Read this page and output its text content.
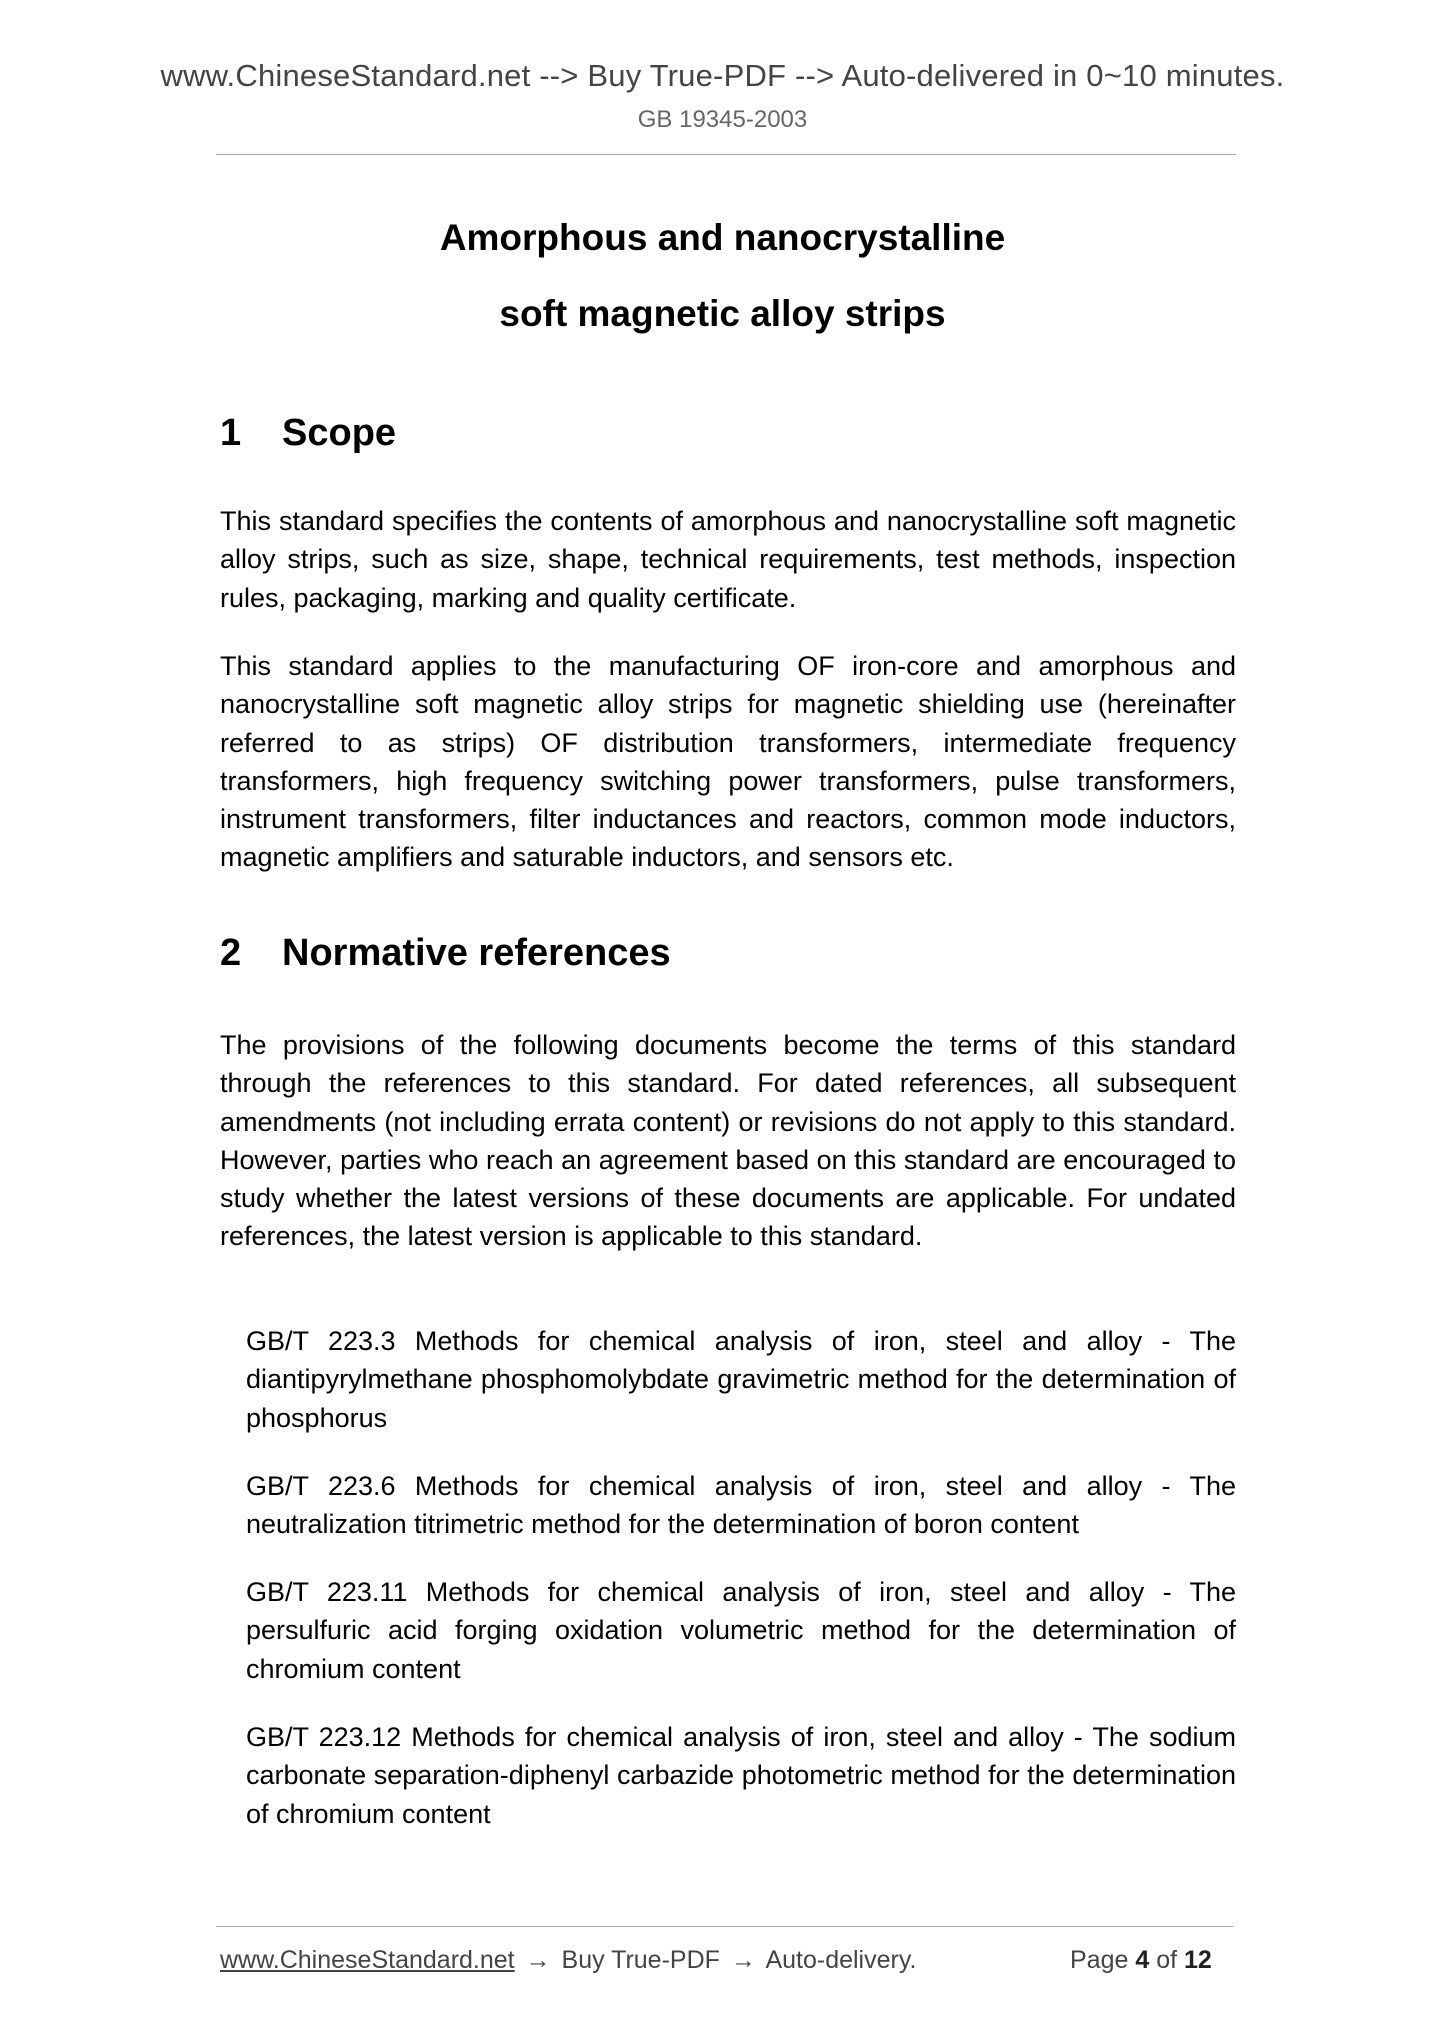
www.ChineseStandard.net --> Buy True-PDF --> Auto-delivered in 0~10 minutes.
GB 19345-2003
Amorphous and nanocrystalline
soft magnetic alloy strips
1 Scope
This standard specifies the contents of amorphous and nanocrystalline soft magnetic alloy strips, such as size, shape, technical requirements, test methods, inspection rules, packaging, marking and quality certificate.
This standard applies to the manufacturing OF iron-core and amorphous and nanocrystalline soft magnetic alloy strips for magnetic shielding use (hereinafter referred to as strips) OF distribution transformers, intermediate frequency transformers, high frequency switching power transformers, pulse transformers, instrument transformers, filter inductances and reactors, common mode inductors, magnetic amplifiers and saturable inductors, and sensors etc.
2 Normative references
The provisions of the following documents become the terms of this standard through the references to this standard. For dated references, all subsequent amendments (not including errata content) or revisions do not apply to this standard. However, parties who reach an agreement based on this standard are encouraged to study whether the latest versions of these documents are applicable. For undated references, the latest version is applicable to this standard.
GB/T 223.3 Methods for chemical analysis of iron, steel and alloy - The diantipyrylmethane phosphomolybdate gravimetric method for the determination of phosphorus
GB/T 223.6 Methods for chemical analysis of iron, steel and alloy - The neutralization titrimetric method for the determination of boron content
GB/T 223.11 Methods for chemical analysis of iron, steel and alloy - The persulfuric acid forging oxidation volumetric method for the determination of chromium content
GB/T 223.12 Methods for chemical analysis of iron, steel and alloy - The sodium carbonate separation-diphenyl carbazide photometric method for the determination of chromium content
www.ChineseStandard.net → Buy True-PDF → Auto-delivery.	Page 4 of 12
